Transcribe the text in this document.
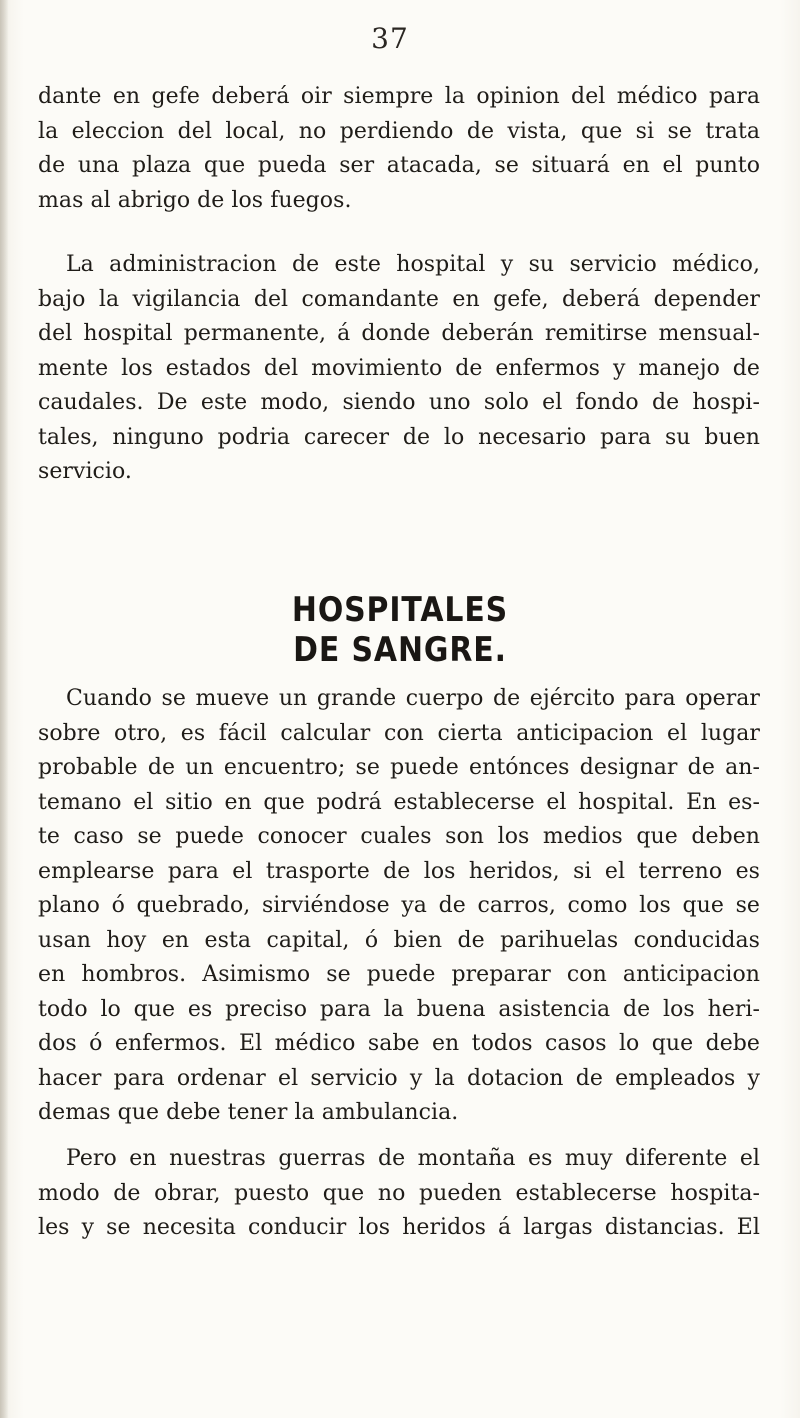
37
dante en gefe deberá oir siempre la opinion del médico para
la eleccion del local, no perdiendo de vista, que si se trata
de una plaza que pueda ser atacada, se situará en el punto
mas al abrigo de los fuegos.
La administracion de este hospital y su servicio médico,
bajo la vigilancia del comandante en gefe, deberá depender
del hospital permanente, á donde deberán remitirse mensual-
mente los estados del movimiento de enfermos y manejo de
caudales. De este modo, siendo uno solo el fondo de hospi-
tales, ninguno podria carecer de lo necesario para su buen
servicio.
HOSPITALES DE SANGRE.
Cuando se mueve un grande cuerpo de ejército para operar
sobre otro, es fácil calcular con cierta anticipacion el lugar
probable de un encuentro; se puede entónces designar de an-
temano el sitio en que podrá establecerse el hospital. En es-
te caso se puede conocer cuales son los medios que deben
emplearse para el trasporte de los heridos, si el terreno es
plano ó quebrado, sirviéndose ya de carros, como los que se
usan hoy en esta capital, ó bien de parihuelas conducidas
en hombros. Asimismo se puede preparar con anticipacion
todo lo que es preciso para la buena asistencia de los heri-
dos ó enfermos. El médico sabe en todos casos lo que debe
hacer para ordenar el servicio y la dotacion de empleados y
demas que debe tener la ambulancia.
Pero en nuestras guerras de montaña es muy diferente el
modo de obrar, puesto que no pueden establecerse hospita-
les y se necesita conducir los heridos á largas distancias. El
